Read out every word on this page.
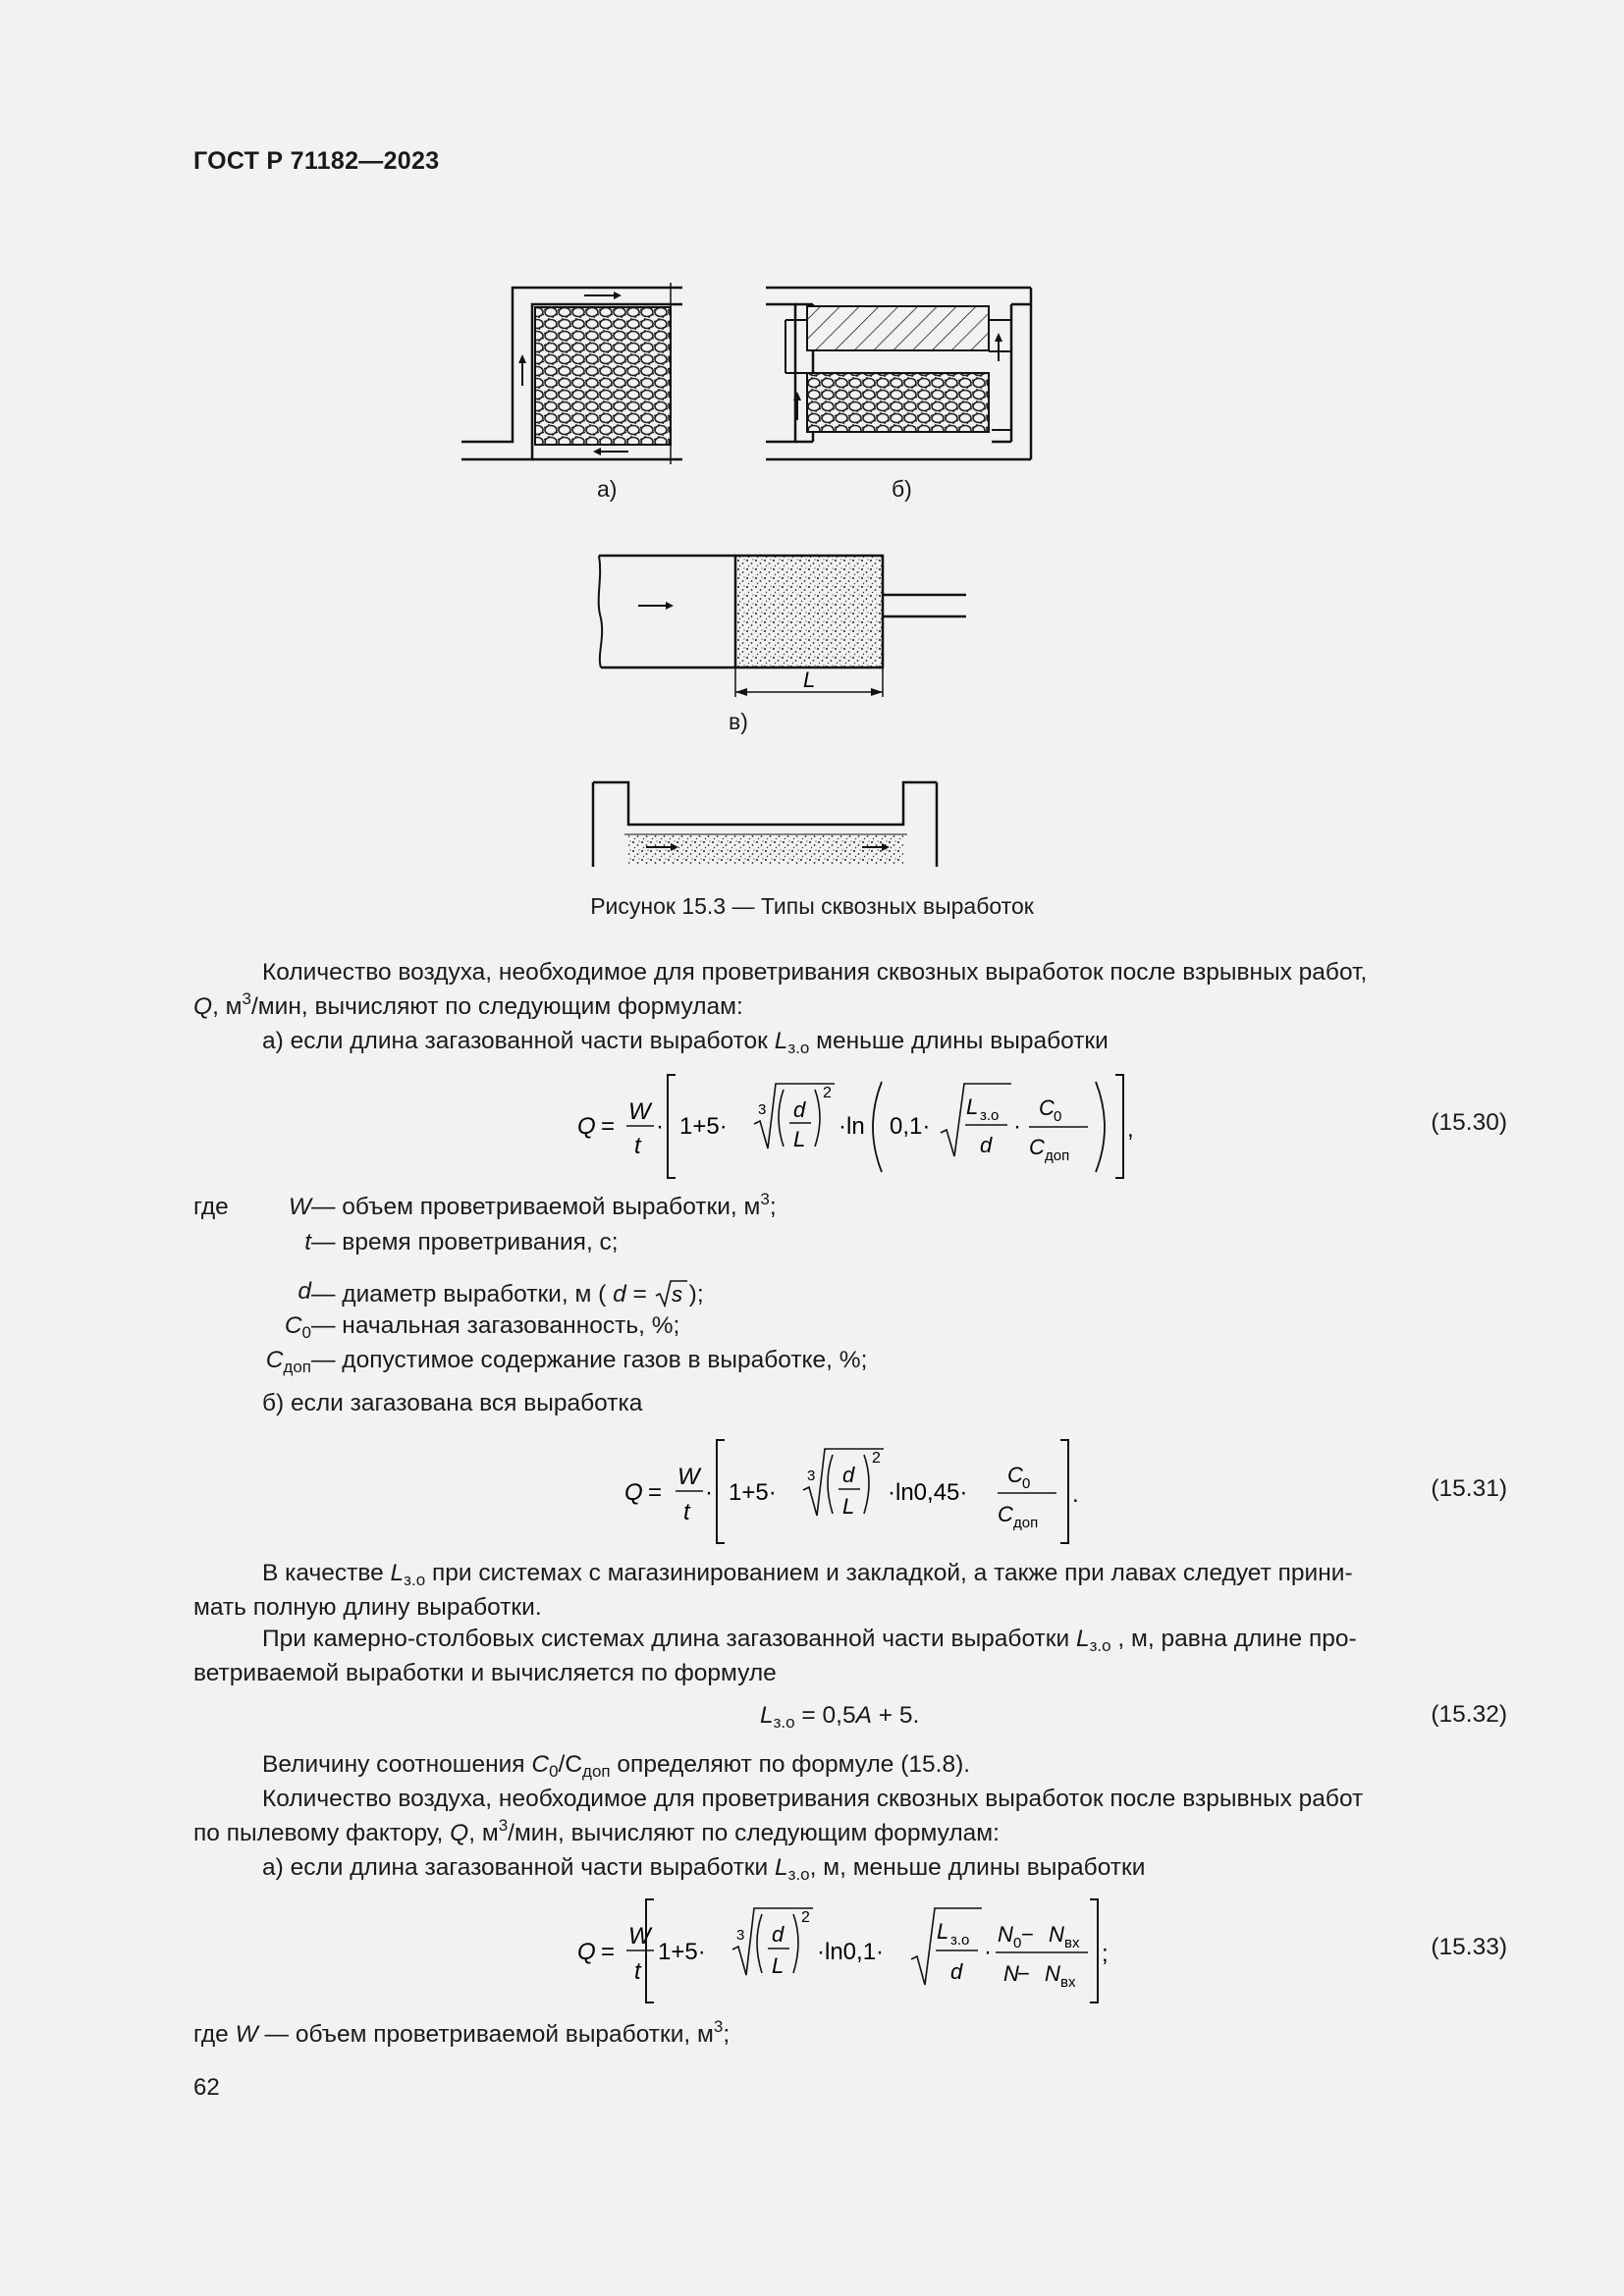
ГОСТ Р 71182—2023
а)	б)
L
в)
Рисунок 15.3 — Типы сквозных выработок
Количество воздуха, необходимое для проветривания сквозных выработок после взрывных работ,
Q, $м^3$/мин, вычисляют по следующим формулам:
а) если длина загазованной части выработок $L_{з.о}$ меньше длины выработки
Q =
W
t
· 1+5·
3 d
L
2
·ln 0,1·
L з.о
d
·
C 0
C доп
,	(15.30)
где	W — объем проветриваемой выработки, $м^3$;
t — время проветривания, с;
d — диаметр выработки, м ( d = s );
$C_0$ — начальная загазованность, %;
$C_{доп}$ — допустимое содержание газов в выработке, %;
б) если загазована вся выработка
Q =
W
t
· 1+5·
3 d
L
2
·ln0,45·
C 0
C доп
.	(15.31)
В качестве $L_{з.о}$ при системах с магазинированием и закладкой, а также при лавах следует прини-
мать полную длину выработки.
При камерно-столбовых системах длина загазованной части выработки $L_{з.о}$ , м, равна длине про-
ветриваемой выработки и вычисляется по формуле
$L_{з.о} = 0,5A + 5$.	(15.32)
Величину соотношения $C_0/C_{доп}$ определяют по формуле (15.8).
Количество воздуха, необходимое для проветривания сквозных выработок после взрывных работ
по пылевому фактору, Q, $м^3$/мин, вычисляют по следующим формулам:
а) если длина загазованной части выработки $L_{з.о}$, м, меньше длины выработки
Q =
W
t
1+5·
3 d
L
2
·ln0,1·
L з.о
d
·
N 0 − N вх
N
− N вх
;	(15.33)
где W — объем проветриваемой выработки, $м^3$;
62
